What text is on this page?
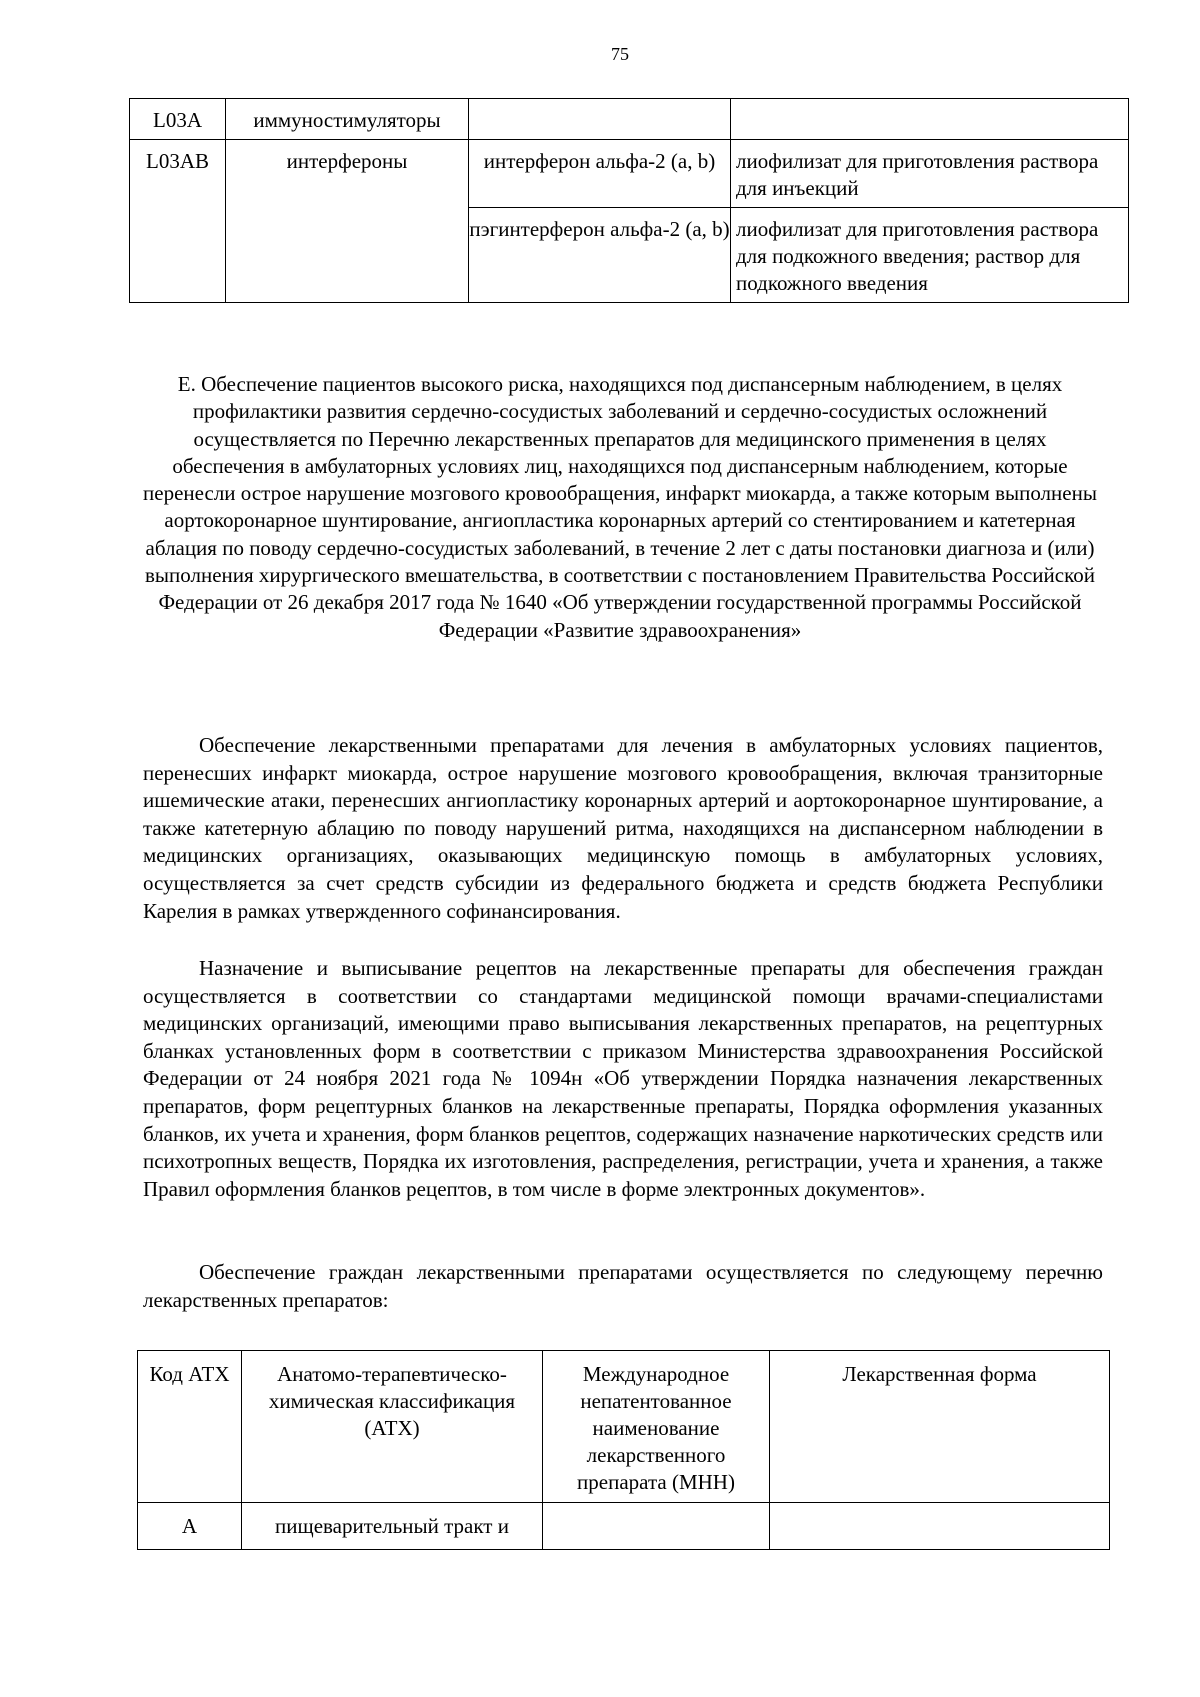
75
L03A	иммуностимуляторы		
L03AB	интерфероны	интерферон альфа-2 (a, b)	лиофилизат для приготовления раствора для инъекций
		пэгинтерферон альфа-2 (a, b)	лиофилизат для приготовления раствора для подкожного введения; раствор для подкожного введения
Е. Обеспечение пациентов высокого риска, находящихся под диспансерным наблюдением, в целях профилактики развития сердечно-сосудистых заболеваний и сердечно-сосудистых осложнений осуществляется по Перечню лекарственных препаратов для медицинского применения в целях обеспечения в амбулаторных условиях лиц, находящихся под диспансерным наблюдением, которые перенесли острое нарушение мозгового кровообращения, инфаркт миокарда, а также которым выполнены аортокоронарное шунтирование, ангиопластика коронарных артерий со стентированием и катетерная аблация по поводу сердечно-сосудистых заболеваний, в течение 2 лет с даты постановки диагноза и (или) выполнения хирургического вмешательства, в соответствии с постановлением Правительства Российской Федерации от 26 декабря 2017 года № 1640 «Об утверждении государственной программы Российской Федерации «Развитие здравоохранения»

Обеспечение лекарственными препаратами для лечения в амбулаторных условиях пациентов, перенесших инфаркт миокарда, острое нарушение мозгового кровообращения, включая транзиторные ишемические атаки, перенесших ангиопластику коронарных артерий и аортокоронарное шунтирование, а также катетерную аблацию по поводу нарушений ритма, находящихся на диспансерном наблюдении в медицинских организациях, оказывающих медицинскую помощь в амбулаторных условиях, осуществляется за счет средств субсидии из федерального бюджета и средств бюджета Республики Карелия в рамках утвержденного софинансирования.

Назначение и выписывание рецептов на лекарственные препараты для обеспечения граждан осуществляется в соответствии со стандартами медицинской помощи врачами-специалистами медицинских организаций, имеющими право выписывания лекарственных препаратов, на рецептурных бланках установленных форм в соответствии с приказом Министерства здравоохранения Российской Федерации от 24 ноября 2021 года № 1094н «Об утверждении Порядка назначения лекарственных препаратов, форм рецептурных бланков на лекарственные препараты, Порядка оформления указанных бланков, их учета и хранения, форм бланков рецептов, содержащих назначение наркотических средств или психотропных веществ, Порядка их изготовления, распределения, регистрации, учета и хранения, а также Правил оформления бланков рецептов, в том числе в форме электронных документов».

Обеспечение граждан лекарственными препаратами осуществляется по следующему перечню лекарственных препаратов:

Код АТХ	Анатомо-терапевтическо-химическая классификация (АТХ)	Международное непатентованное наименование лекарственного препарата (МНН)	Лекарственная форма
A	пищеварительный тракт и		
